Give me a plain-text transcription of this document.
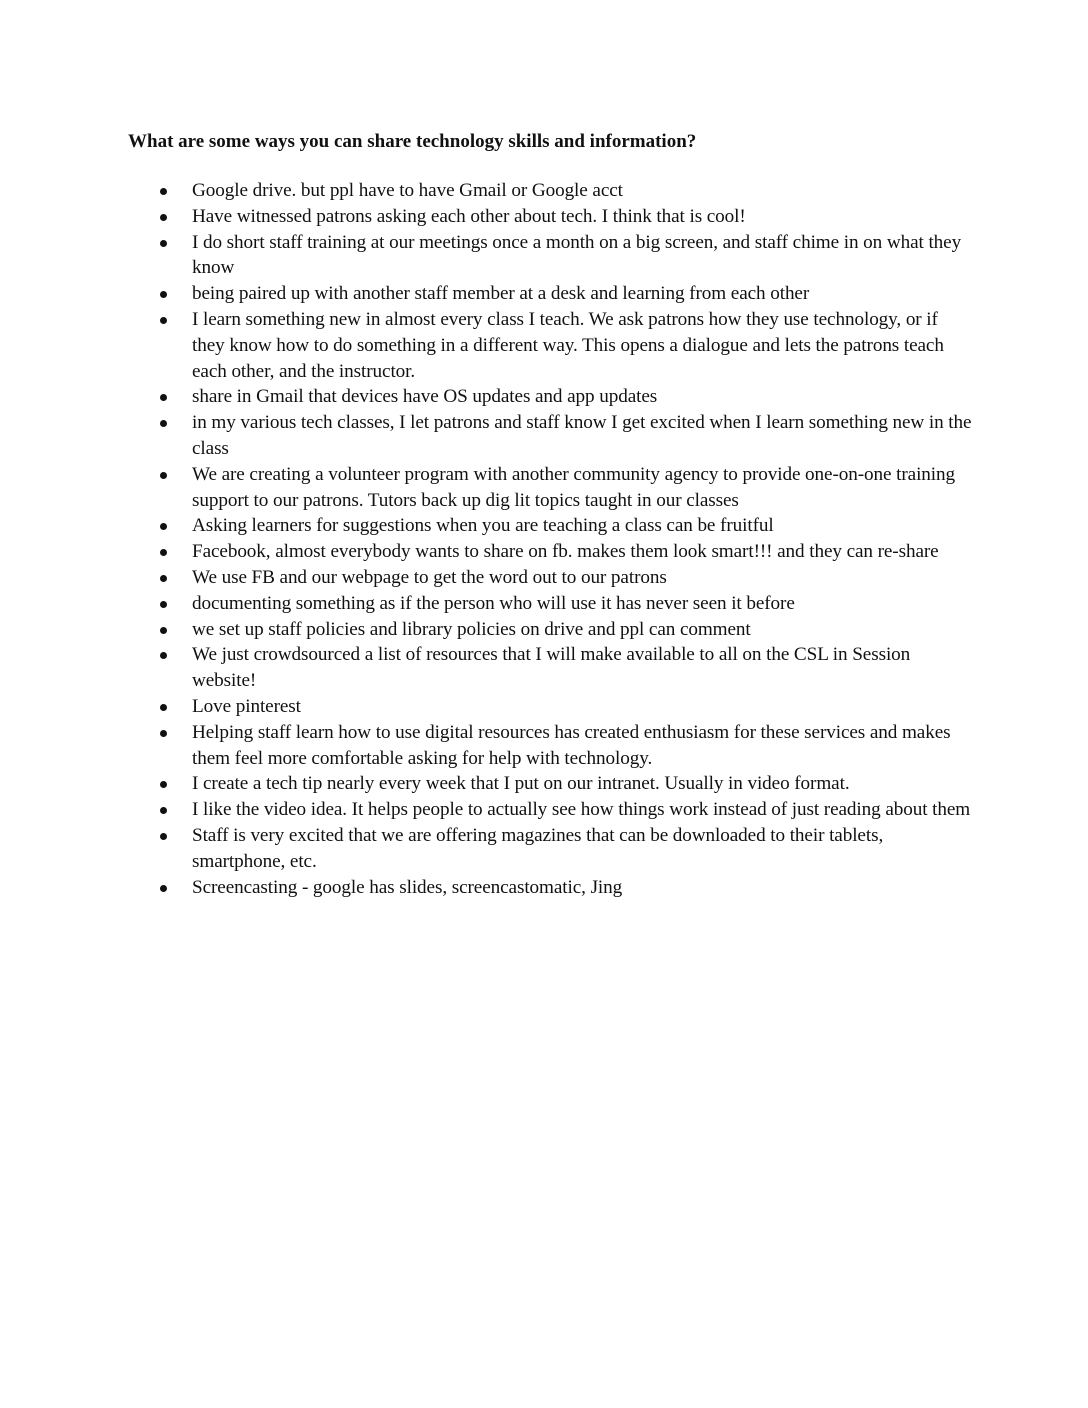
What are some ways you can share technology skills and information?
Google drive. but ppl have to have Gmail or Google acct
Have witnessed patrons asking each other about tech. I think that is cool!
I do short staff training at our meetings once a month on a big screen, and staff chime in on what they know
being paired up with another staff member at a desk and learning from each other
I learn something new in almost every class I teach. We ask patrons how they use technology, or if they know how to do something in a different way. This opens a dialogue and lets the patrons teach each other, and the instructor.
share in Gmail that devices have OS updates and app updates
in my various tech classes, I let patrons and staff know I get excited when I learn something new in the class
We are creating a volunteer program with another community agency to provide one-on-one training support to our patrons. Tutors back up dig lit topics taught in our classes
Asking learners for suggestions when you are teaching a class can be fruitful
Facebook, almost everybody wants to share on fb. makes them look smart!!! and they can re-share
We use FB and our webpage to get the word out to our patrons
documenting something as if the person who will use it has never seen it before
we set up staff policies and library policies on drive and ppl can comment
We just crowdsourced a list of resources that I will make available to all on the CSL in Session website!
Love pinterest
Helping staff learn how to use digital resources has created enthusiasm for these services and makes them feel more comfortable asking for help with technology.
I create a tech tip nearly every week that I put on our intranet. Usually in video format.
I like the video idea. It helps people to actually see how things work instead of just reading about them
Staff is very excited that we are offering magazines that can be downloaded to their tablets, smartphone, etc.
Screencasting - google has slides, screencastomatic, Jing
